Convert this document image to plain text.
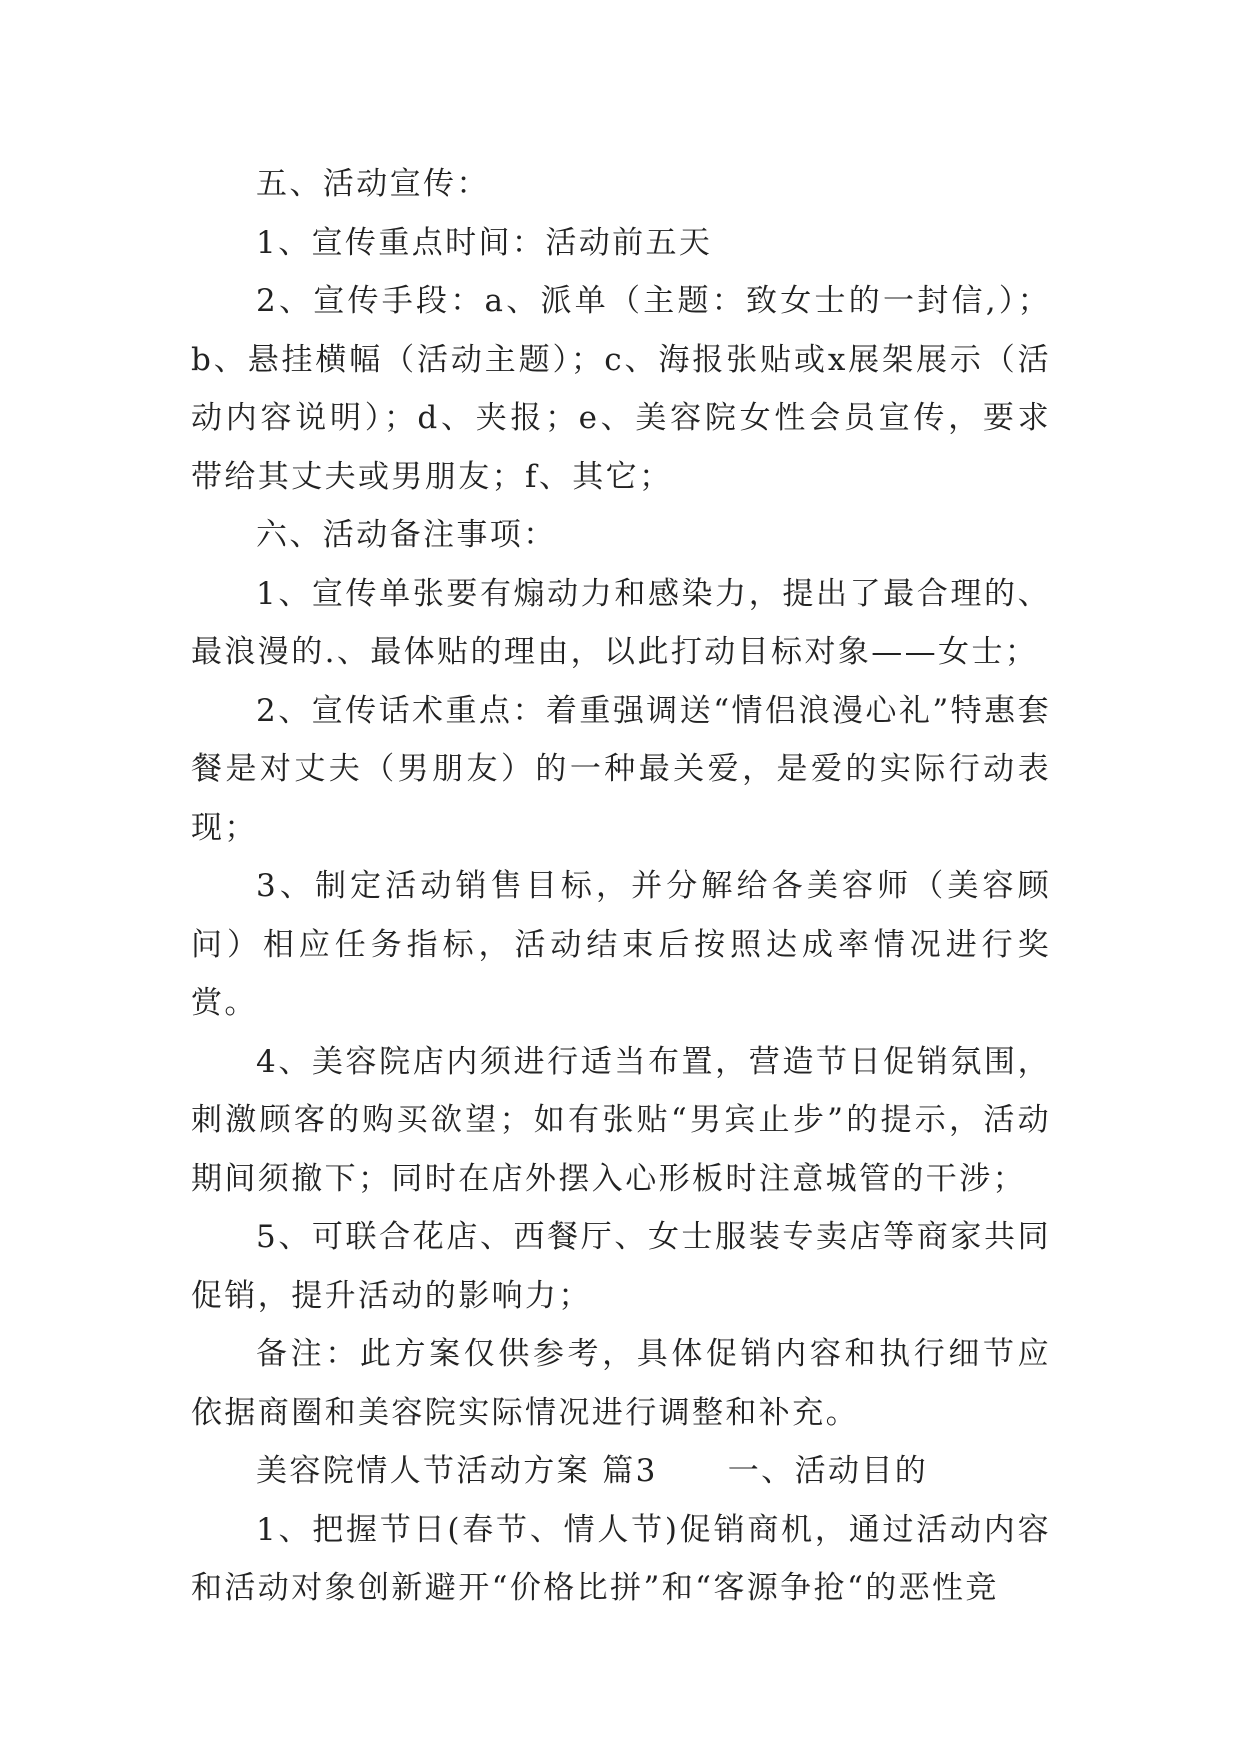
五、活动宣传：

1、宣传重点时间：活动前五天

2、宣传手段：a、派单（主题：致女士的一封信,）；b、悬挂横幅（活动主题）；c、海报张贴或x展架展示（活动内容说明）；d、夹报；e、美容院女性会员宣传，要求带给其丈夫或男朋友；f、其它；

六、活动备注事项：

1、宣传单张要有煽动力和感染力，提出了最合理的、最浪漫的.、最体贴的理由，以此打动目标对象——女士；

2、宣传话术重点：着重强调送“情侣浪漫心礼”特惠套餐是对丈夫（男朋友）的一种最关爱，是爱的实际行动表现；

3、制定活动销售目标，并分解给各美容师（美容顾问）相应任务指标，活动结束后按照达成率情况进行奖赏。

4、美容院店内须进行适当布置，营造节日促销氛围，刺激顾客的购买欲望；如有张贴“男宾止步”的提示，活动期间须撤下；同时在店外摆入心形板时注意城管的干涉；

5、可联合花店、西餐厅、女士服装专卖店等商家共同促销，提升活动的影响力；

备注：此方案仅供参考，具体促销内容和执行细节应依据商圈和美容院实际情况进行调整和补充。

美容院情人节活动方案 篇3 一、活动目的

1、把握节日(春节、情人节)促销商机，通过活动内容和活动对象创新避开“价格比拼”和“客源争抢“的恶性竞
